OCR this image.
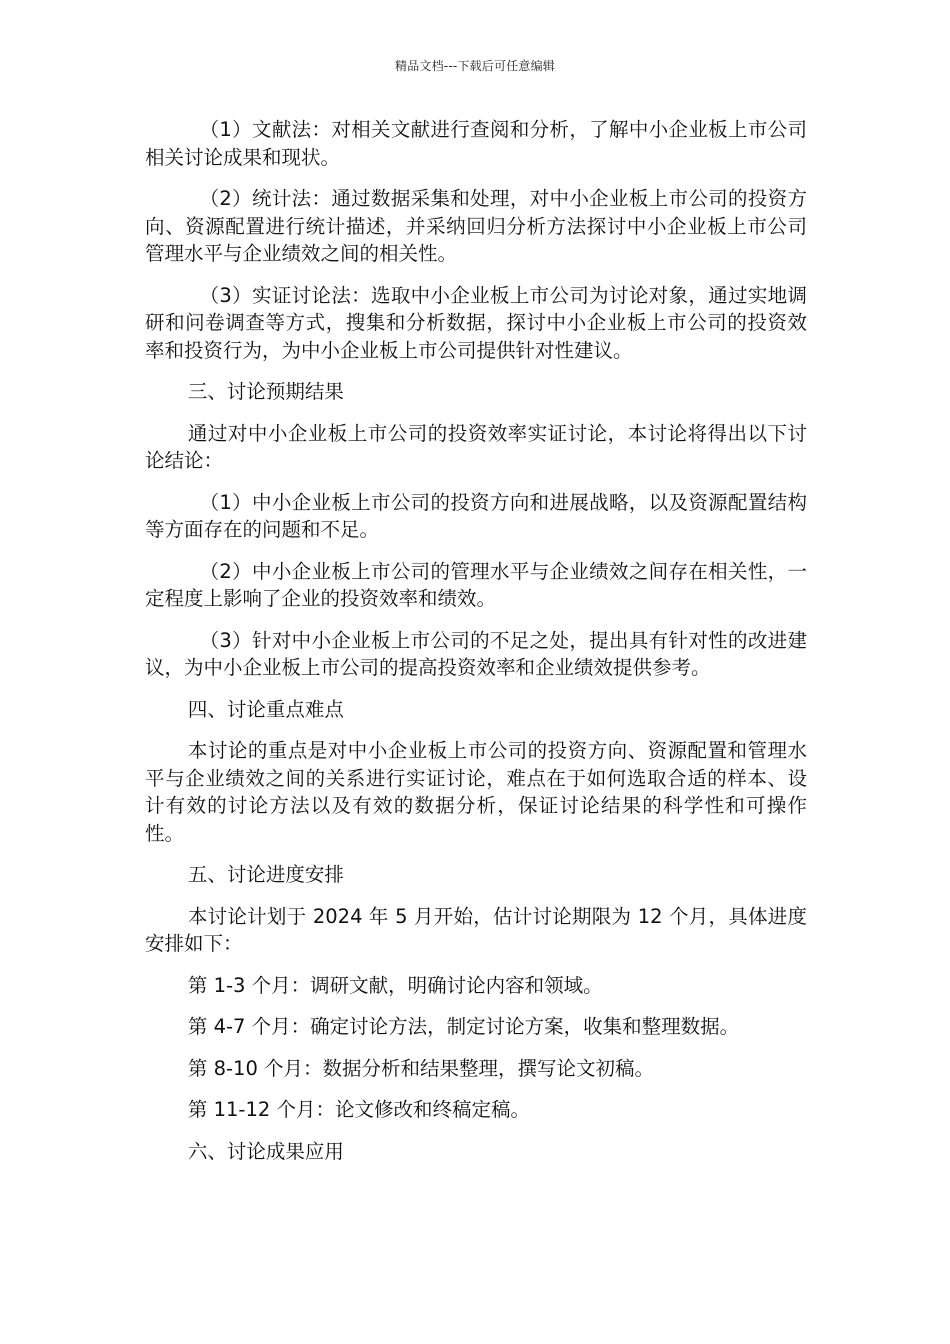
精品文档---下载后可任意编辑

（1）文献法：对相关文献进行查阅和分析，了解中小企业板上市公司相关讨论成果和现状。

（2）统计法：通过数据采集和处理，对中小企业板上市公司的投资方向、资源配置进行统计描述，并采纳回归分析方法探讨中小企业板上市公司管理水平与企业绩效之间的相关性。

（3）实证讨论法：选取中小企业板上市公司为讨论对象，通过实地调研和问卷调查等方式，搜集和分析数据，探讨中小企业板上市公司的投资效率和投资行为，为中小企业板上市公司提供针对性建议。

三、讨论预期结果

通过对中小企业板上市公司的投资效率实证讨论，本讨论将得出以下讨论结论：

（1）中小企业板上市公司的投资方向和进展战略，以及资源配置结构等方面存在的问题和不足。

（2）中小企业板上市公司的管理水平与企业绩效之间存在相关性，一定程度上影响了企业的投资效率和绩效。

（3）针对中小企业板上市公司的不足之处，提出具有针对性的改进建议，为中小企业板上市公司的提高投资效率和企业绩效提供参考。

四、讨论重点难点

本讨论的重点是对中小企业板上市公司的投资方向、资源配置和管理水平与企业绩效之间的关系进行实证讨论，难点在于如何选取合适的样本、设计有效的讨论方法以及有效的数据分析，保证讨论结果的科学性和可操作性。

五、讨论进度安排

本讨论计划于 2024 年 5 月开始，估计讨论期限为 12 个月，具体进度安排如下：

第 1-3 个月：调研文献，明确讨论内容和领域。

第 4-7 个月：确定讨论方法，制定讨论方案，收集和整理数据。

第 8-10 个月：数据分析和结果整理，撰写论文初稿。

第 11-12 个月：论文修改和终稿定稿。

六、讨论成果应用
